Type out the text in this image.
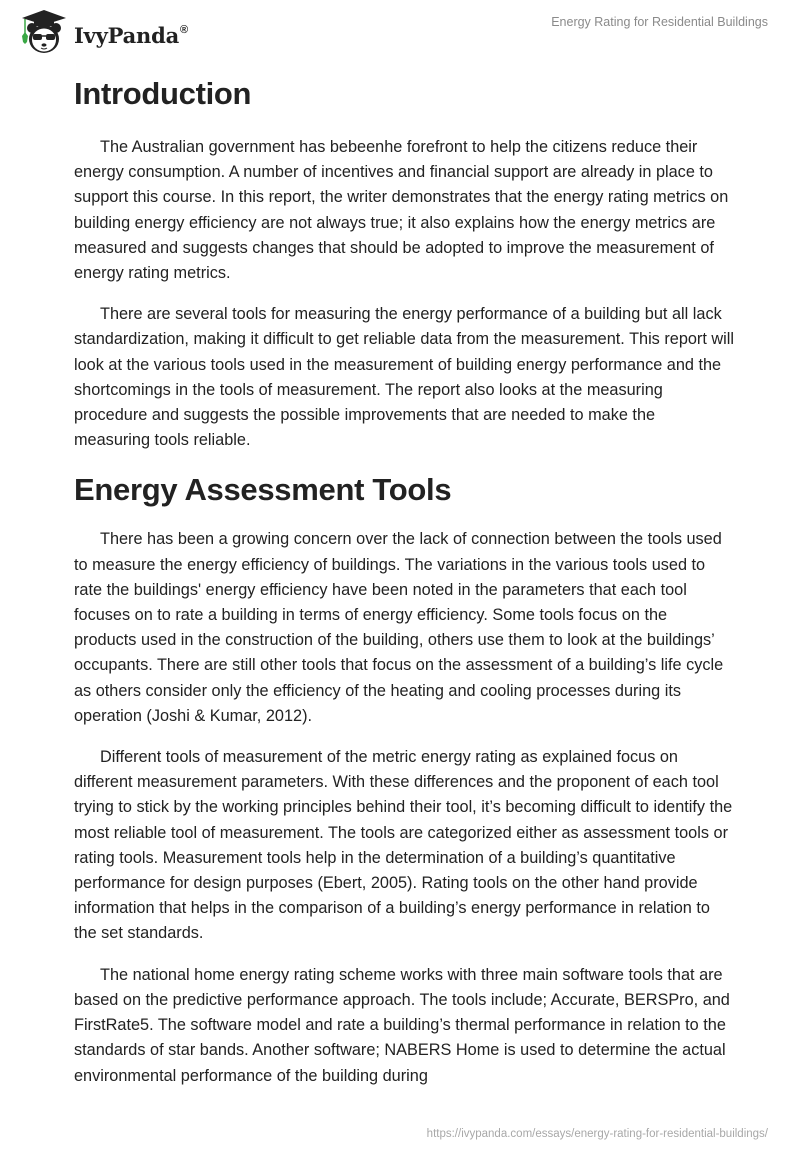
IvyPanda®
Energy Rating for Residential Buildings
Introduction

The Australian government has bebeenhe forefront to help the citizens reduce their energy consumption. A number of incentives and financial support are already in place to support this course. In this report, the writer demonstrates that the energy rating metrics on building energy efficiency are not always true; it also explains how the energy metrics are measured and suggests changes that should be adopted to improve the measurement of energy rating metrics.

There are several tools for measuring the energy performance of a building but all lack standardization, making it difficult to get reliable data from the measurement. This report will look at the various tools used in the measurement of building energy performance and the shortcomings in the tools of measurement. The report also looks at the measuring procedure and suggests the possible improvements that are needed to make the measuring tools reliable.

Energy Assessment Tools

There has been a growing concern over the lack of connection between the tools used to measure the energy efficiency of buildings. The variations in the various tools used to rate the buildings' energy efficiency have been noted in the parameters that each tool focuses on to rate a building in terms of energy efficiency. Some tools focus on the products used in the construction of the building, others use them to look at the buildings’ occupants. There are still other tools that focus on the assessment of a building’s life cycle as others consider only the efficiency of the heating and cooling processes during its operation (Joshi & Kumar, 2012).

Different tools of measurement of the metric energy rating as explained focus on different measurement parameters. With these differences and the proponent of each tool trying to stick by the working principles behind their tool, it’s becoming difficult to identify the most reliable tool of measurement. The tools are categorized either as assessment tools or rating tools. Measurement tools help in the determination of a building’s quantitative performance for design purposes (Ebert, 2005). Rating tools on the other hand provide information that helps in the comparison of a building’s energy performance in relation to the set standards.

The national home energy rating scheme works with three main software tools that are based on the predictive performance approach. The tools include; Accurate, BERSPro, and FirstRate5. The software model and rate a building’s thermal performance in relation to the standards of star bands. Another software; NABERS Home is used to determine the actual environmental performance of the building during

https://ivypanda.com/essays/energy-rating-for-residential-buildings/
